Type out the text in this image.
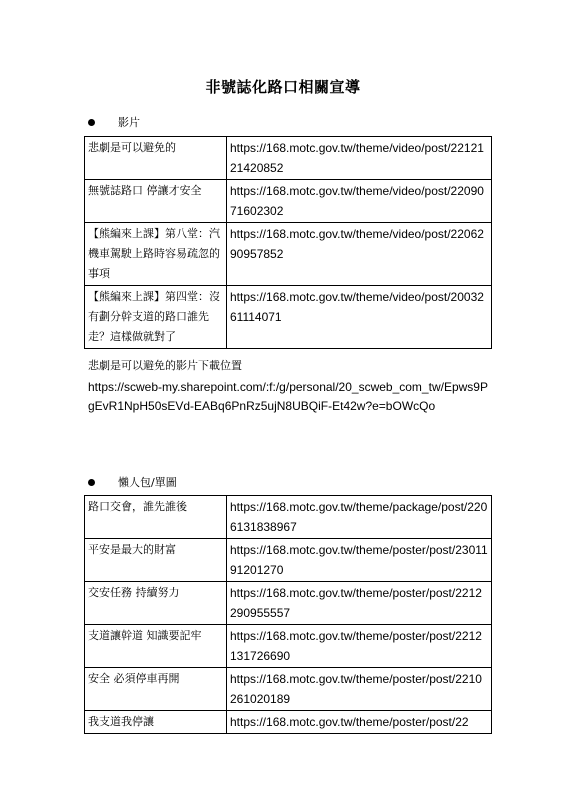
非號誌化路口相關宣導
影片
悲劇是可以避免的	https://168.motc.gov.tw/theme/video/post/2212121420852
無號誌路口 停讓才安全	https://168.motc.gov.tw/theme/video/post/2209071602302
【熊編來上課】第八堂：汽機車駕駛上路時容易疏忽的事項	https://168.motc.gov.tw/theme/video/post/2206290957852
【熊編來上課】第四堂：沒有劃分幹支道的路口誰先走？這樣做就對了	https://168.motc.gov.tw/theme/video/post/2003261114071
悲劇是可以避免的影片下載位置
https://scweb-my.sharepoint.com/:f:/g/personal/20_scweb_com_tw/Epws9PgEvR1NpH50sEVd-EABq6PnRz5ujN8UBQiF-Et42w?e=bOWcQo
懶人包/單圖
路口交會，誰先誰後	https://168.motc.gov.tw/theme/package/post/2206131838967
平安是最大的財富	https://168.motc.gov.tw/theme/poster/post/2301191201270
交安任務 持續努力	https://168.motc.gov.tw/theme/poster/post/2212290955557
支道讓幹道 知識要記牢	https://168.motc.gov.tw/theme/poster/post/2212131726690
安全 必須停車再開	https://168.motc.gov.tw/theme/poster/post/2210261020189
我支道我停讓	https://168.motc.gov.tw/theme/poster/post/22
